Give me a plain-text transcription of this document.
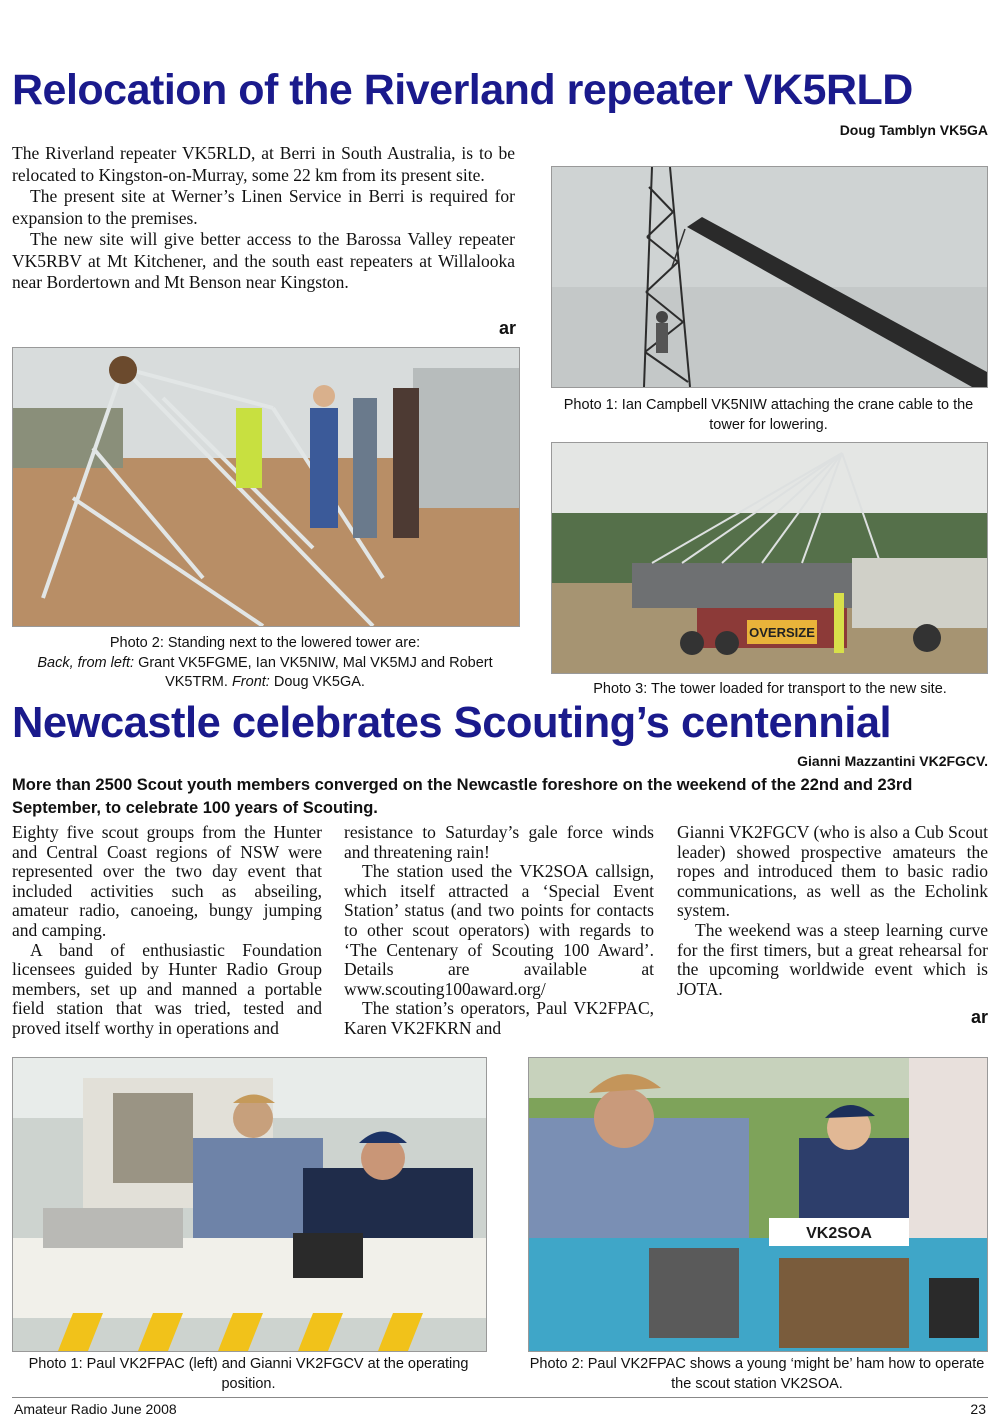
Relocation of the Riverland repeater VK5RLD
Doug Tamblyn VK5GA

The Riverland repeater VK5RLD, at Berri in South Australia, is to be relocated to Kingston-on-Murray, some 22 km from its present site.

The present site at Werner’s Linen Service in Berri is required for expansion to the premises.

The new site will give better access to the Barossa Valley repeater VK5RBV at Mt Kitchener, and the south east repeaters at Willalooka near Bordertown and Mt Benson near Kingston.

ar
Photo 1: Ian Campbell VK5NIW attaching the crane cable to the tower for lowering.
Photo 2: Standing next to the lowered tower are:
Back, from left: Grant VK5FGME, Ian VK5NIW, Mal VK5MJ and Robert VK5TRM. Front: Doug VK5GA.
OVERSIZE
Photo 3: The tower loaded for transport to the new site.
Newcastle celebrates Scouting’s centennial
Gianni Mazzantini VK2FGCV.
More than 2500 Scout youth members converged on the Newcastle foreshore on the weekend of the 22nd and 23rd September, to celebrate 100 years of Scouting.

Eighty five scout groups from the Hunter and Central Coast regions of NSW were represented over the two day event that included activities such as abseiling, amateur radio, canoeing, bungy jumping and camping.

A band of enthusiastic Foundation licensees guided by Hunter Radio Group members, set up and manned a portable field station that was tried, tested and proved itself worthy in operations and

resistance to Saturday’s gale force winds and threatening rain!

The station used the VK2SOA callsign, which itself attracted a ‘Special Event Station’ status (and two points for contacts to other scout operators) with regards to ‘The Centenary of Scouting 100 Award’. Details are available at www.scouting100award.org/

The station’s operators, Paul VK2FPAC, Karen VK2FKRN and

Gianni VK2FGCV (who is also a Cub Scout leader) showed prospective amateurs the ropes and introduced them to basic radio communications, as well as the Echolink system.

The weekend was a steep learning curve for the first timers, but a great rehearsal for the upcoming worldwide event which is JOTA.

ar
Photo 1: Paul VK2FPAC (left) and Gianni VK2FGCV at the operating position.
VK2SOA
Photo 2: Paul VK2FPAC shows a young ‘might be’ ham how to operate the scout station VK2SOA.
Amateur Radio June 2008	23
